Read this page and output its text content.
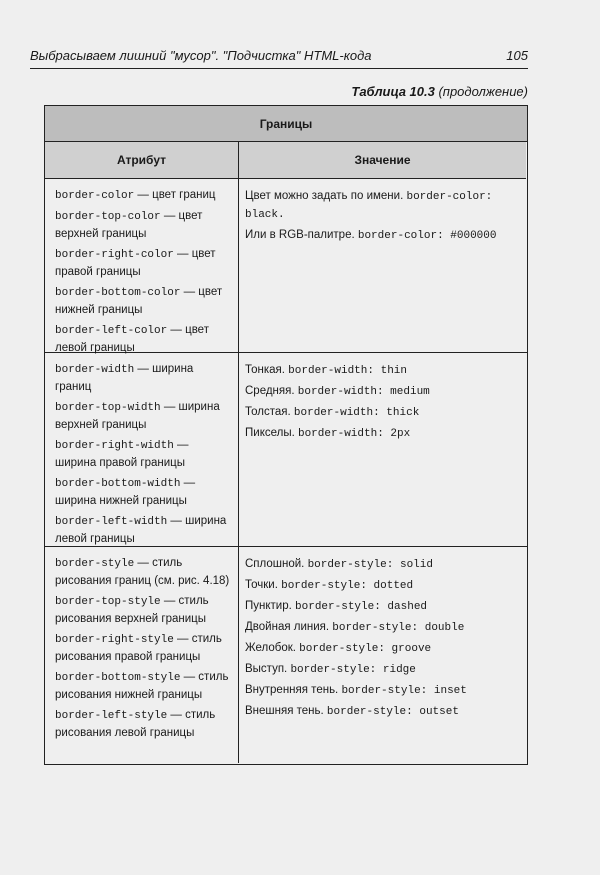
Выбрасываем лишний "мусор". "Подчистка" HTML-кода	105
Таблица 10.3 (продолжение)
Границы
Атрибут	Значение
border-color — цвет границ
border-top-color — цвет верхней границы
border-right-color — цвет правой границы
border-bottom-color — цвет нижней границы
border-left-color — цвет левой границы
Цвет можно задать по имени. border-color: black.
Или в RGB-палитре. border-color: #000000
border-width — ширина границ
border-top-width — ширина верхней границы
border-right-width — ширина правой границы
border-bottom-width — ширина нижней границы
border-left-width — ширина левой границы
Тонкая. border-width: thin
Средняя. border-width: medium
Толстая. border-width: thick
Пикселы. border-width: 2px
border-style — стиль рисования границ (см. рис. 4.18)
border-top-style — стиль рисования верхней границы
border-right-style — стиль рисования правой границы
border-bottom-style — стиль рисования нижней границы
border-left-style — стиль рисования левой границы
Сплошной. border-style: solid
Точки. border-style: dotted
Пунктир. border-style: dashed
Двойная линия. border-style: double
Желобок. border-style: groove
Выступ. border-style: ridge
Внутренняя тень. border-style: inset
Внешняя тень. border-style: outset
